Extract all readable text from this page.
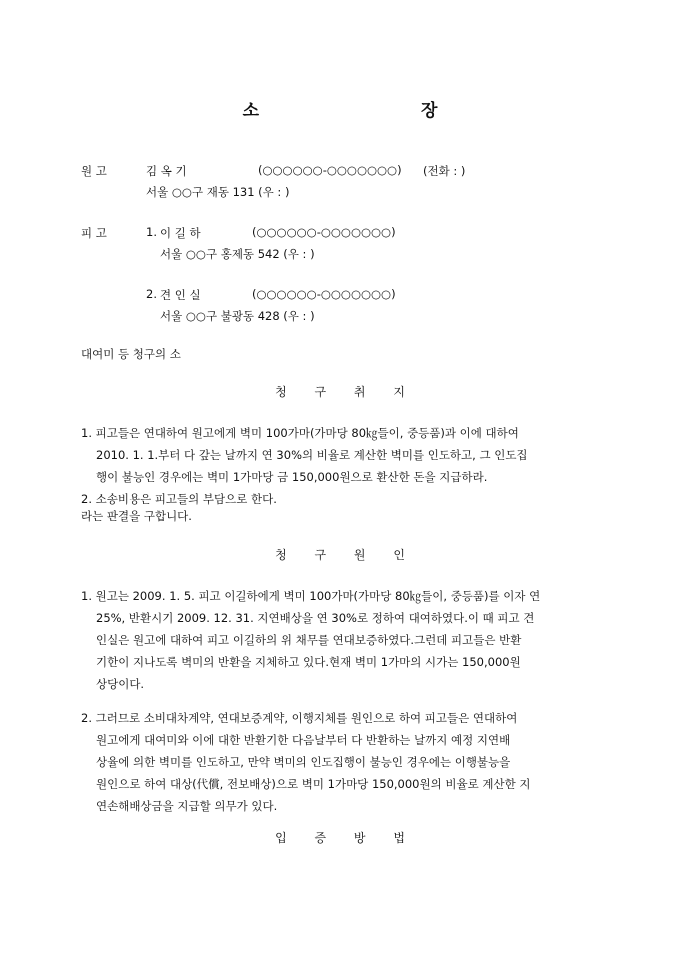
소 장
원 고	김 옥 기	(○○○○○○-○○○○○○○) (전화 : )
서울 ○○구 재동 131 (우 : )
피 고	1. 이 길 하	(○○○○○○-○○○○○○○)
서울 ○○구 홍제동 542 (우 : )
2. 견 인 실	(○○○○○○-○○○○○○○)
서울 ○○구 불광동 428 (우 : )
대여미 등 청구의 소
청 구 취 지
1. 피고들은 연대하여 원고에게 벽미 100가마(가마당 80㎏들이, 중등품)과 이에 대하여
2010. 1. 1.부터 다 갚는 날까지 연 30%의 비율로 계산한 벽미를 인도하고, 그 인도집
행이 불능인 경우에는 벽미 1가마당 금 150,000원으로 환산한 돈을 지급하라.
2. 소송비용은 피고들의 부담으로 한다.
라는 판결을 구합니다.
청 구 원 인
1. 원고는 2009. 1. 5. 피고 이길하에게 벽미 100가마(가마당 80㎏들이, 중등품)를 이자 연
25%, 반환시기 2009. 12. 31. 지연배상을 연 30%로 정하여 대여하였다.이 때 피고 견
인실은 원고에 대하여 피고 이길하의 위 채무를 연대보증하였다.그런데 피고들은 반환
기한이 지나도록 벽미의 반환을 지체하고 있다.현재 벽미 1가마의 시가는 150,000원
상당이다.
2. 그러므로 소비대차계약, 연대보증계약, 이행지체를 원인으로 하여 피고들은 연대하여
원고에게 대여미와 이에 대한 반환기한 다음날부터 다 반환하는 날까지 예정 지연배
상율에 의한 벽미를 인도하고, 만약 벽미의 인도집행이 불능인 경우에는 이행불능을
원인으로 하여 대상(代償, 전보배상)으로 벽미 1가마당 150,000원의 비율로 계산한 지
연손해배상금을 지급할 의무가 있다.
입 증 방 법
